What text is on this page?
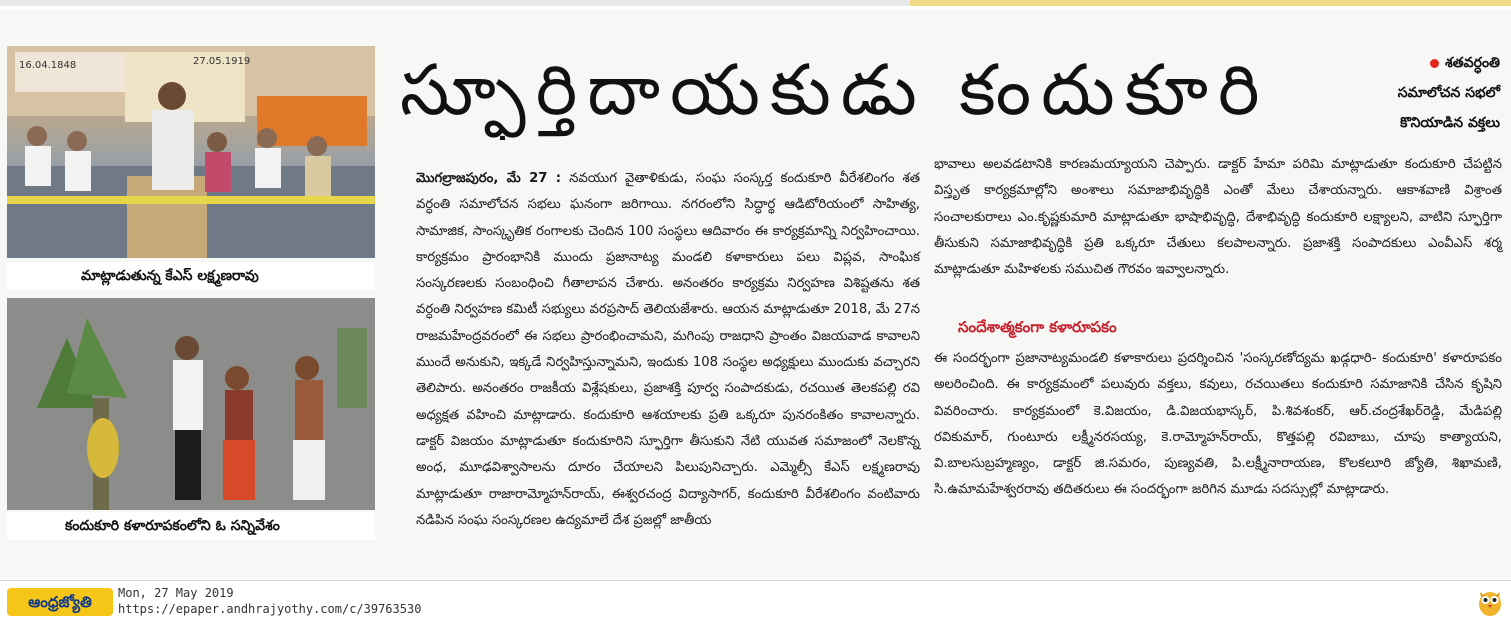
16.04.1848	27.05.1919
మాట్లాడుతున్న కేఎస్‌ లక్ష్మణరావు
కందుకూరి కళారూపకంలోని ఓ సన్నివేశం
స్ఫూర్తిదాయకుడు కందుకూరి	శతవర్ధంతి
సమాలోచన సభలో
కొనియాడిన వక్తలు

మొగల్రాజపురం, మే 27 : నవయుగ వైతాళికుడు, సంఘ సంస్కర్త కందుకూరి వీరేశలింగం శత వర్ధంతి సమాలోచన సభలు ఘనంగా జరిగాయి. నగరంలోని సిద్ధార్థ ఆడిటోరియంలో సాహిత్య, సామాజిక, సాంస్కృతిక రంగాలకు చెందిన 100 సంస్థలు ఆదివారం ఈ కార్యక్రమాన్ని నిర్వహించాయి. కార్యక్రమం ప్రారంభానికి ముందు ప్రజానాట్య మండలి కళాకారులు పలు విప్లవ, సాంఘిక సంస్కరణలకు సంబంధించి గీతాలాపన చేశారు. అనంతరం కార్యక్రమ నిర్వహణ విశిష్టతను శత వర్ధంతి నిర్వహణ కమిటీ సభ్యులు వరప్రసాద్ తెలియజేశారు. ఆయన మాట్లాడుతూ 2018, మే 27న రాజమహేంద్రవరంలో ఈ సభలు ప్రారంభించామని, మగింపు రాజధాని ప్రాంతం విజయవాడ కావాలని ముందే అనుకుని, ఇక్కడే నిర్వహిస్తున్నామని, ఇందుకు 108 సంస్థల అధ్యక్షులు ముందుకు వచ్చారని తెలిపారు. అనంతరం రాజకీయ విశ్లేషకులు, ప్రజాశక్తి పూర్వ సంపాదకుడు, రచయిత తెలకపల్లి రవి అధ్యక్షత వహించి మాట్లాడారు. కందుకూరి ఆశయాలకు ప్రతి ఒక్కరూ పునరంకితం కావాలన్నారు. డాక్టర్ విజయం మాట్లాడుతూ కందుకూరిని స్ఫూర్తిగా తీసుకుని నేటి యువత సమాజంలో నెలకొన్న అంధ, మూఢవిశ్వాసాలను దూరం చేయాలని పిలుపునిచ్చారు. ఎమ్మెల్సీ కేఎస్ లక్ష్మణరావు మాట్లాడుతూ రాజారామ్మోహన్‌రాయ్, ఈశ్వరచంద్ర విద్యాసాగర్, కందుకూరి వీరేశలింగం వంటివారు నడిపిన సంఘ సంస్కరణల ఉద్యమాలే దేశ ప్రజల్లో జాతీయ

భావాలు అలవడటానికి కారణమయ్యాయని చెప్పారు. డాక్టర్ హేమా పరిమి మాట్లాడుతూ కందుకూరి చేపట్టిన విస్తృత కార్యక్రమాల్లోని అంశాలు సమాజాభివృద్ధికి ఎంతో మేలు చేశాయన్నారు. ఆకాశవాణి విశ్రాంత సంచాలకురాలు ఎం.కృష్ణకుమారి మాట్లాడుతూ భాషాభివృద్ధి, దేశాభివృద్ధి కందుకూరి లక్ష్యాలని, వాటిని స్ఫూర్తిగా తీసుకుని సమాజాభివృద్ధికి ప్రతి ఒక్కరూ చేతులు కలపాలన్నారు. ప్రజాశక్తి సంపాదకులు ఎంవీఎస్ శర్మ మాట్లాడుతూ మహిళలకు సముచిత గౌరవం ఇవ్వాలన్నారు.

సందేశాత్మకంగా కళారూపకం

ఈ సందర్భంగా ప్రజానాట్యమండలి కళాకారులు ప్రదర్శించిన 'సంస్కరణోద్యమ ఖడ్గధారి- కందుకూరి' కళారూపకం అలరించింది. ఈ కార్యక్రమంలో పలువురు వక్తలు, కవులు, రచయితలు కందుకూరి సమాజానికి చేసిన కృషిని వివరించారు. కార్యక్రమంలో కె.విజయం, డి.విజయభాస్కర్, పి.శివశంకర్, ఆర్.చంద్రశేఖర్‌రెడ్డి, మేడిపల్లి రవికుమార్, గుంటూరు లక్ష్మీనరసయ్య, కె.రామ్మోహన్‌రాయ్, కొత్తపల్లి రవిబాబు, చూపు కాత్యాయని, వి.బాలసుబ్రహ్మణ్యం, డాక్టర్ జి.సమరం, పుణ్యవతి, పి.లక్ష్మీనారాయణ, కొలకలూరి జ్యోతి, శిఖామణి, సి.ఉమామహేశ్వరరావు తదితరులు ఈ సందర్భంగా జరిగిన మూడు సదస్సుల్లో మాట్లాడారు.

ఆంధ్రజ్యోతి	Mon, 27 May 2019
https://epaper.andhrajyothy.com/c/39763530
